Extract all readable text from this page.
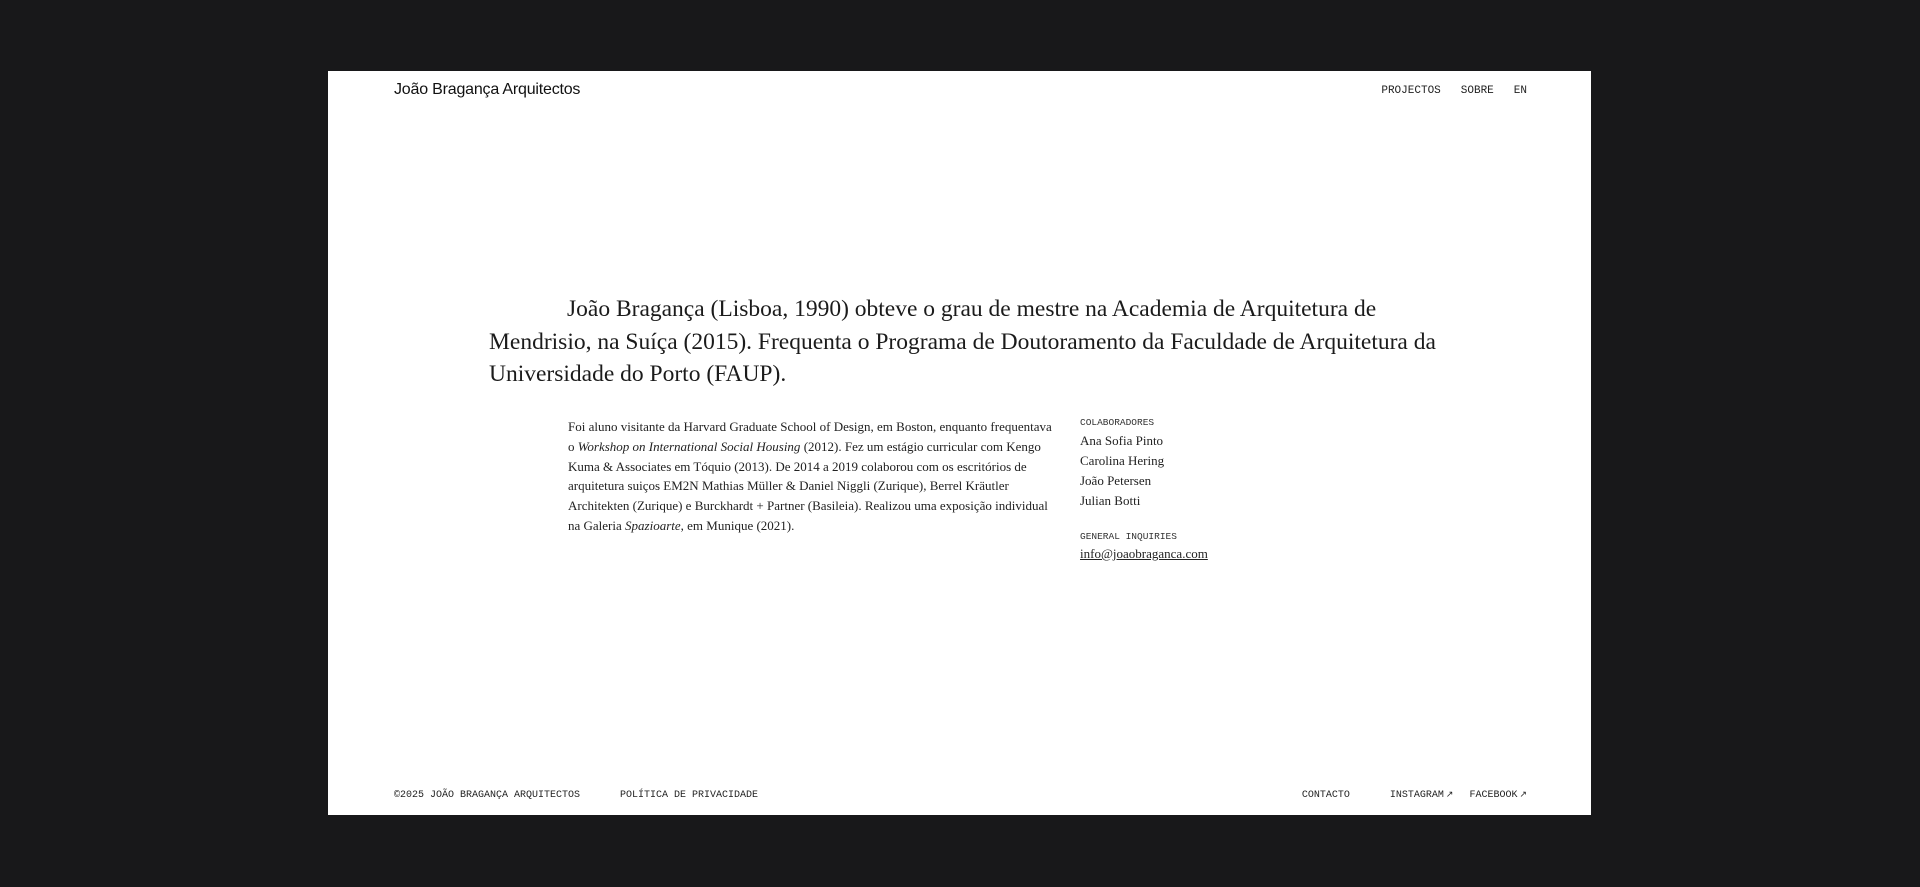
João Bragança Arquitectos	PROJECTOS SOBRE EN

João Bragança (Lisboa, 1990) obteve o grau de mestre na Academia de Arquitetura de Mendrisio, na Suíça (2015). Frequenta o Programa de Doutoramento da Faculdade de Arquitetura da Universidade do Porto (FAUP).

Foi aluno visitante da Harvard Graduate School of Design, em Boston, enquanto frequentava o Workshop on International Social Housing (2012). Fez um estágio curricular com Kengo Kuma & Associates em Tóquio (2013). De 2014 a 2019 colaborou com os escritórios de arquitetura suiços EM2N Mathias Müller & Daniel Niggli (Zurique), Berrel Kräutler Architekten (Zurique) e Burckhardt + Partner (Basileia). Realizou uma exposição individual na Galeria Spazioarte, em Munique (2021).

COLABORADORES
Ana Sofia Pinto
Carolina Hering
João Petersen
Julian Botti
GENERAL INQUIRIES
info@joaobraganca.com
©2025 JOÃO BRAGANÇA ARQUITECTOS	POLÍTICA DE PRIVACIDADE	CONTACTO	INSTAGRAM ↗ FACEBOOK ↗
